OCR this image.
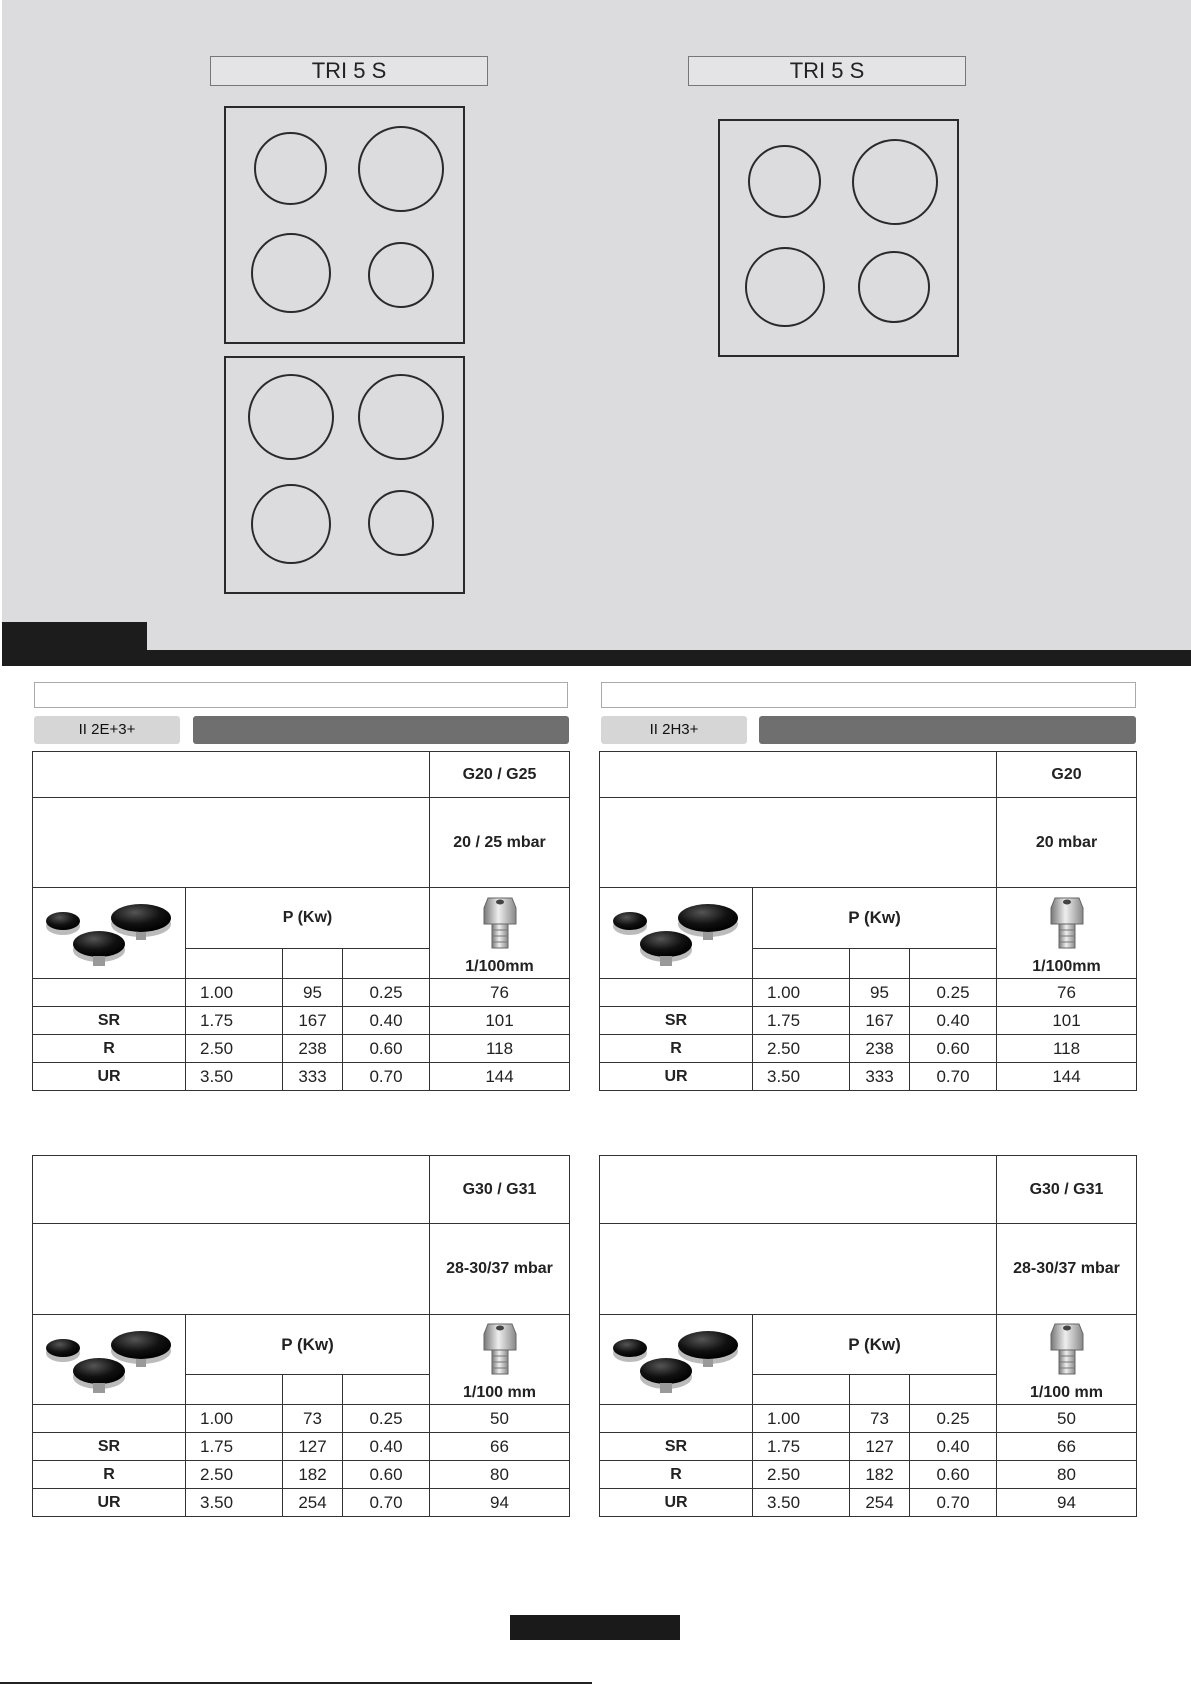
TRI 5 S	TRI 5 S
II 2E+3+	II 2H3+
				G20 / G25
				20 / 25 mbar

	P (Kw)			1/100mm

	1.00	95	0.25	76
SR	1.75	167	0.40	101
R	2.50	238	0.60	118
UR	3.50	333	0.70	144
				G20
				20 mbar

	P (Kw)			1/100mm

	1.00	95	0.25	76
SR	1.75	167	0.40	101
R	2.50	238	0.60	118
UR	3.50	333	0.70	144
				G30 / G31
				28-30/37 mbar

	P (Kw)			1/100 mm

	1.00	73	0.25	50
SR	1.75	127	0.40	66
R	2.50	182	0.60	80
UR	3.50	254	0.70	94
				G30 / G31
				28-30/37 mbar

	P (Kw)			1/100 mm

	1.00	73	0.25	50
SR	1.75	127	0.40	66
R	2.50	182	0.60	80
UR	3.50	254	0.70	94
